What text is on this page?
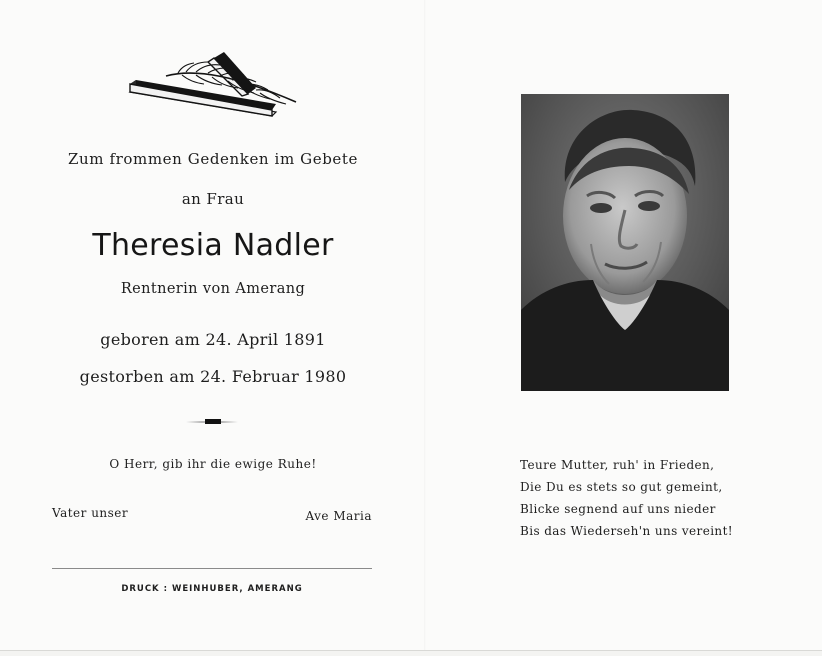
Zum frommen Gedenken im Gebete
an Frau
Theresia Nadler
Rentnerin von Amerang
geboren am 24. April 1891
gestorben am 24. Februar 1980
O Herr, gib ihr die ewige Ruhe!
Vater unser	Ave Maria
DRUCK : WEINHUBER, AMERANG
Teure Mutter, ruh' in Frieden,
Die Du es stets so gut gemeint,
Blicke segnend auf uns nieder
Bis das Wiederseh'n uns vereint!
